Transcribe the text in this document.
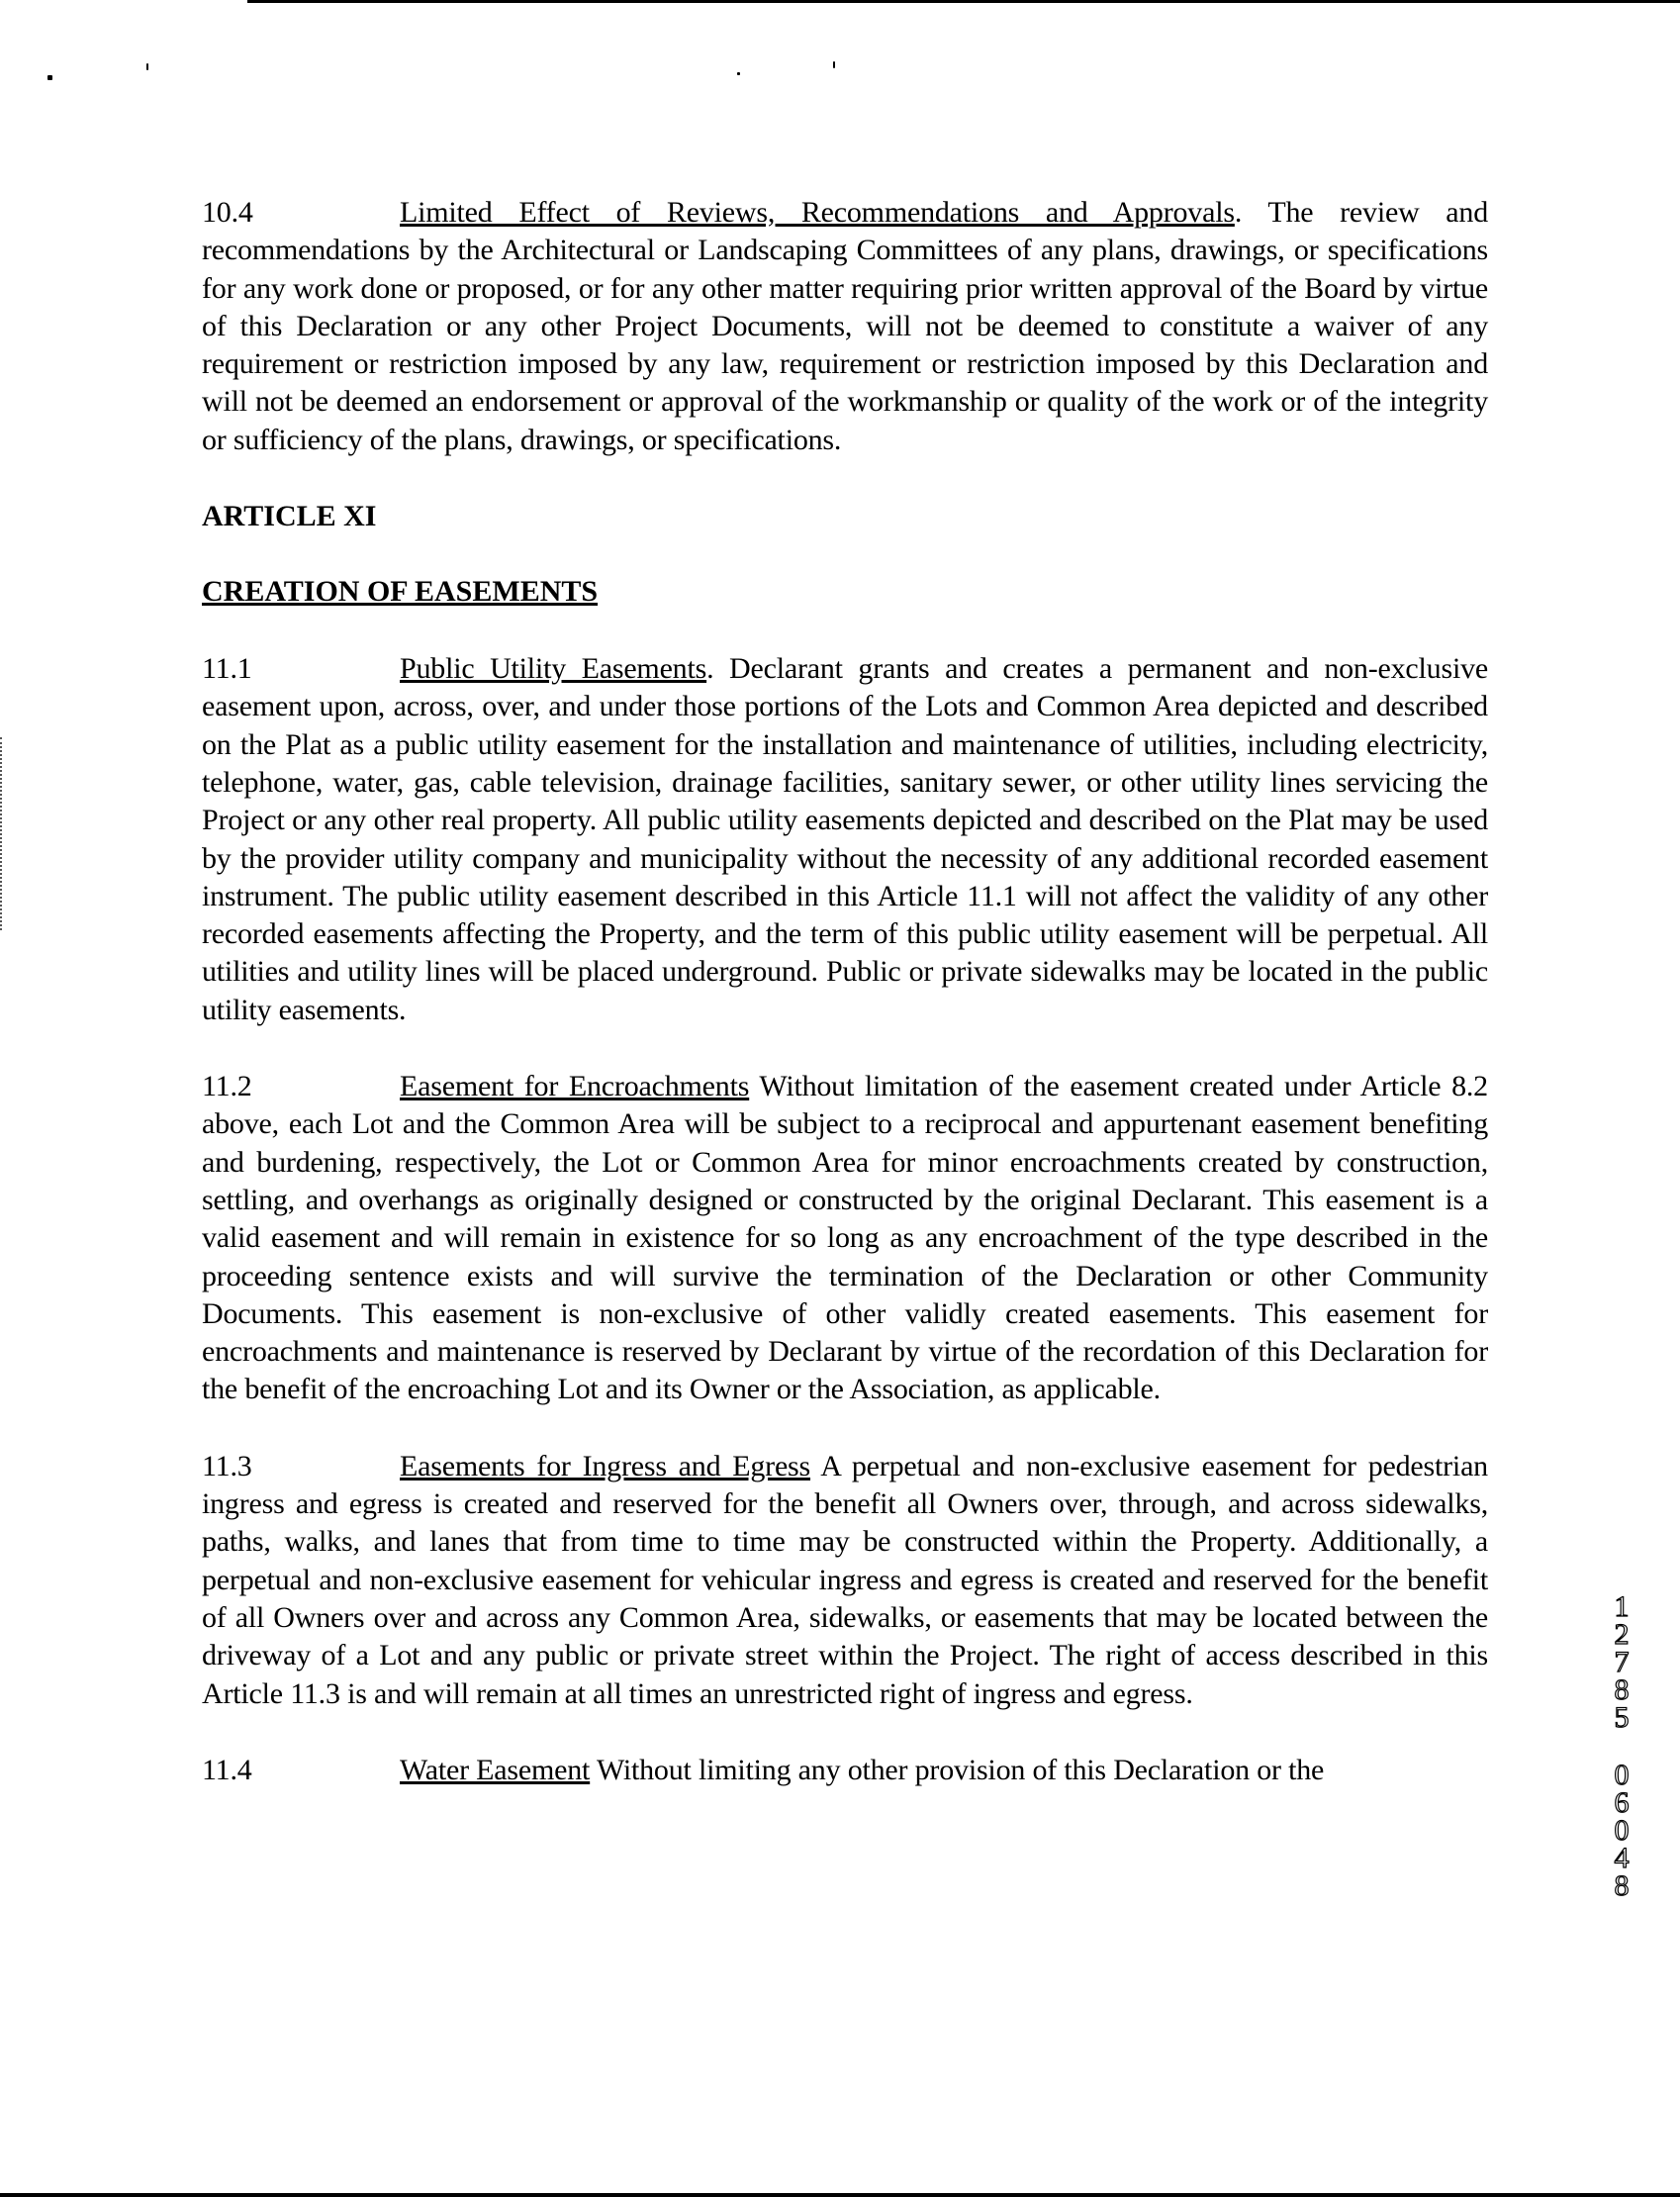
10.4	Limited Effect of Reviews, Recommendations and Approvals. The review and recommendations by the Architectural or Landscaping Committees of any plans, drawings, or specifications for any work done or proposed, or for any other matter requiring prior written approval of the Board by virtue of this Declaration or any other Project Documents, will not be deemed to constitute a waiver of any requirement or restriction imposed by any law, requirement or restriction imposed by this Declaration and will not be deemed an endorsement or approval of the workmanship or quality of the work or of the integrity or sufficiency of the plans, drawings, or specifications.

ARTICLE XI
CREATION OF EASEMENTS

11.1	Public Utility Easements. Declarant grants and creates a permanent and non-exclusive easement upon, across, over, and under those portions of the Lots and Common Area depicted and described on the Plat as a public utility easement for the installation and maintenance of utilities, including electricity, telephone, water, gas, cable television, drainage facilities, sanitary sewer, or other utility lines servicing the Project or any other real property. All public utility easements depicted and described on the Plat may be used by the provider utility company and municipality without the necessity of any additional recorded easement instrument. The public utility easement described in this Article 11.1 will not affect the validity of any other recorded easements affecting the Property, and the term of this public utility easement will be perpetual. All utilities and utility lines will be placed underground. Public or private sidewalks may be located in the public utility easements.

11.2	Easement for Encroachments Without limitation of the easement created under Article 8.2 above, each Lot and the Common Area will be subject to a reciprocal and appurtenant easement benefiting and burdening, respectively, the Lot or Common Area for minor encroachments created by construction, settling, and overhangs as originally designed or constructed by the original Declarant. This easement is a valid easement and will remain in existence for so long as any encroachment of the type described in the proceeding sentence exists and will survive the termination of the Declaration or other Community Documents. This easement is non-exclusive of other validly created easements. This easement for encroachments and maintenance is reserved by Declarant by virtue of the recordation of this Declaration for the benefit of the encroaching Lot and its Owner or the Association, as applicable.

11.3	Easements for Ingress and Egress A perpetual and non-exclusive easement for pedestrian ingress and egress is created and reserved for the benefit all Owners over, through, and across sidewalks, paths, walks, and lanes that from time to time may be constructed within the Property. Additionally, a perpetual and non-exclusive easement for vehicular ingress and egress is created and reserved for the benefit of all Owners over and across any Common Area, sidewalks, or easements that may be located between the driveway of a Lot and any public or private street within the Project. The right of access described in this Article 11.3 is and will remain at all times an unrestricted right of ingress and egress.

11.4	Water Easement Without limiting any other provision of this Declaration or the

1
2
7
8
5
0
6
0
4
8
